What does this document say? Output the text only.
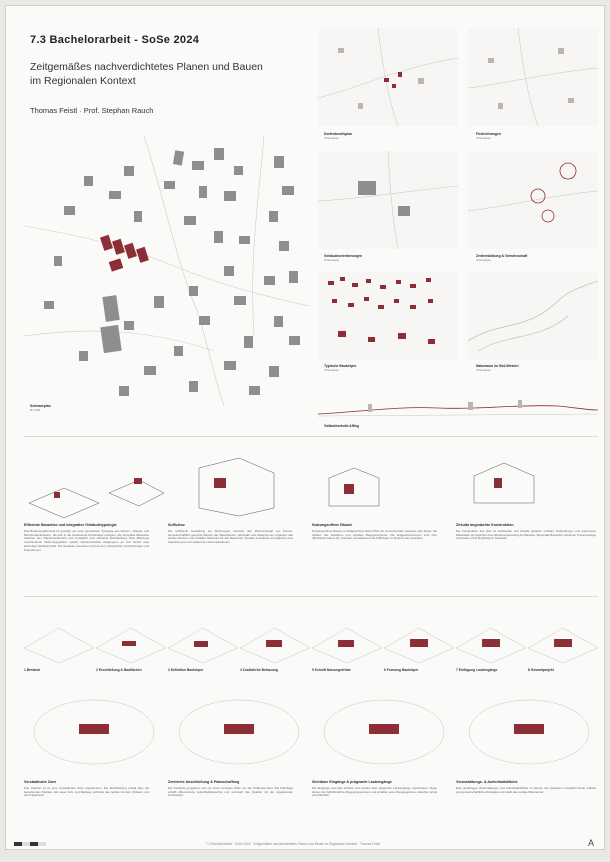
7.3 Bachelorarbeit - SoSe 2024
Zeitgemäßes nachverdichtetes Planen und Bauen
im Regionalen Kontext
Thomas Feistl · Prof. Stephan Rauch
Schwarzplan
M 1:500
Dorfentwurfsplan
Ortsanalyse
Firstrichtungen
Ortsanalyse
Gebäudeorientierungen
Ortsanalyse
Zentrenbildung & Gemeinschaft
Ortsanalyse
Typische Baukörper
Ortsanalyse
Naturraum im Süd-Westen
Ortsanalyse
Geländeschnitt Affing
Effiziente Bauweise und integrative Gebäudetypologie
Das Bebauungskonzept ist geprägt von einer gemischten Typologie aus Reihen-, Doppel- und Mehrfamilienhäusern, die sich in die bestehende Dorfstruktur einfügen. Die kompakte Bauweise reduziert den Flächenverbrauch und ermöglicht eine effiziente Erschließung. Eine Mischung verschiedener Wohnungsgrößen spricht unterschiedliche Zielgruppen an und fördert eine lebendige Nachbarschaft. Die Gebäude orientieren sich an den ortstypischen Firstrichtungen und Proportionen.
Suffizienz
Die suffiziente Gestaltung der Wohnungen reduziert den Flächenbedarf pro Person. Gemeinschaftlich genutzte Räume wie Waschküche, Werkstatt und Gästezimmer ergänzen das private Wohnen und schaffen Mehrwert für alle Bewohner. Flexible Grundrisse ermöglichen eine Anpassung an sich ändernde Lebenssituationen.
Nutzungsoffene Räume
Nutzungsoffene Räume im Erdgeschoss bieten Platz für Gemeinschaft, Gewerbe oder Kultur. Sie stärken das Dorfleben und schaffen Begegnungsorte. Die Erdgeschosszonen sind zum öffentlichen Raum hin orientiert und aktivieren die Platzfolge im Zentrum des Quartiers.
Zirkulär angedachte Konstruktion
Die Konstruktion aus Holz ist rückbaubar und zirkulär gedacht. Lösbare Verbindungen und sortenreine Materialien ermöglichen eine Wiederverwendung der Bauteile. Regionale Baustoffe verkürzen Transportwege und binden CO2 langfristig im Gebäude.
1 Bestand	2 Erschließung & Bauflächen	3 Definition Baukörper	4 Zusätzliche Bebauung	5 Schnitt Nutzungsfelder	6 Formung Baukörper	7 Einfügung Laubengänge	8 Gesamtprojekt
Vorstadtnahe Zone
Das Quartier ist an eine vorstadtnahe Zone angebunden. Die Erschließung erfolgt über die bestehenden Straßen. Ein neuer Fuß- und Radweg verbindet das Gebiet mit dem Ortskern und dem Naturraum.
Zentrierte Anschließung & Platzschaffung
Die Gebäude gruppieren sich um einen zentralen Platz, der als Treffpunkt dient. Die Platzfolge schafft differenzierte Aufenthaltsbereiche und verknüpft das Quartier mit der umgebenden Dorfstruktur.
Sichtbare Eingänge & prägnante Laubengänge
Die Eingänge sind klar sichtbar und werden über prägnante Laubengänge erschlossen. Diese dienen als halböffentliche Begegnungszonen und schaffen eine Übergangszone zwischen privat und öffentlich.
Veranstaltungs- & Aufenthaltsfläche
Eine großzügige Veranstaltungs- und Aufenthaltsfläche im Herzen des Quartiers ermöglicht Feste, Märkte und gemeinschaftliche Aktivitäten und stärkt das soziale Miteinander.
7.3 Bachelorarbeit · SoSe 2024 · Zeitgemäßes nachverdichtetes Planen und Bauen im Regionalen Kontext · Thomas Feistl	A
